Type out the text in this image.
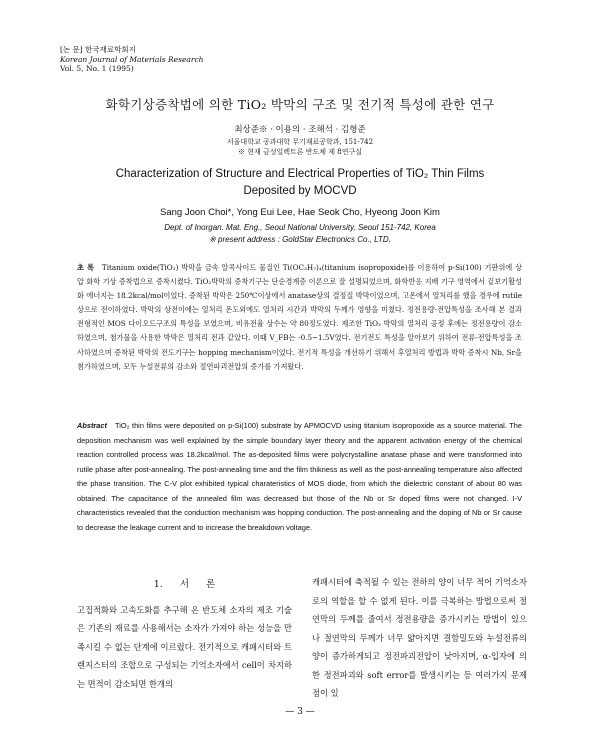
[논 문] 한국재료학회지
Korean Journal of Materials Research
Vol. 5, No. 1 (1995)
화학기상증착법에 의한 TiO₂ 박막의 구조 및 전기적 특성에 관한 연구
최상준※ · 이용의 · 조해석 · 김형준
서울대학교 공과대학 무기재료공학과, 151-742
※ 현재 금성일렉트론 반도체 제 8연구실
Characterization of Structure and Electrical Properties of TiO₂ Thin Films Deposited by MOCVD
Sang Joon Choi*, Yong Eui Lee, Hae Seok Cho, Hyeong Joon Kim
Dept. of Inorgan. Mat. Eng., Seoul National University, Seoul 151-742, Korea
※ present address : GoldStar Electronics Co., LTD.
초 록 Titanium oxide(TiO₂) 박막을 금속 알콕사이드 물질인 Ti(OC₃H₇)₄(titanium isopropoxide)를 이용하여 p-Si(100) 기판위에 상압 화학 기상 증착법으로 증착시켰다. TiO₂박막의 증착기구는 단순경계층 이론으로 잘 설명되었으며, 화학반응 지배 기구 영역에서 겉보기활성화 에너지는 18.2kcal/mol이었다. 증착된 박막은 250℃이상에서 anatase상의 결정질 박막이었으며, 고온에서 열처리를 했을 경우에 rutile상으로 전이하였다. 박막의 상전이에는 열처리 온도외에도 열처리 시간과 박막의 두께가 영향을 미쳤다. 정전용량-전압특성을 조사해 본 결과 전형적인 MOS 다이오드구조의 특성을 보였으며, 비유전율 상수는 약 80정도였다. 제조한 TiO₂ 박막의 열처리 공정 후에는 정전용량이 감소하였으며, 첨가물을 사용한 박막은 열처리 전과 같았다. 이때 V_FB는 -0.5~1.5V였다. 전기전도 특성을 알아보기 위하여 전류-전압특성을 조사하였으며 증착된 박막의 전도기구는 hopping mechanism이었다. 전기적 특성을 개선하기 위해서 후열처리 방법과 박막 증착시 Nb, Sr을 첨가하였으며, 모두 누설전류의 감소와 절연파괴전압의 증가를 가져왔다.
Abstract TiO₂ thin films were deposited on p-Si(100) substrate by APMOCVD using titanium isopropoxide as a source material. The deposition mechanism was well explained by the simple boundary layer theory and the apparent activation energy of the chemical reaction controlled process was 18.2kcal/mol. The as-deposited films were polycrystalline anatase phase and were transformed into rutile phase after post-annealing. The post-annealing time and the film thikness as well as the post-annealing temperature also affected the phase transition. The C-V plot exhibited typical charateristics of MOS diode, from which the dielectric constant of about 80 was obtained. The capacitance of the annealed film was decreased but those of the Nb or Sr doped films were not changed. I-V characteristics revealed that the conduction mechanism was hopping conduction. The post-annealing and the doping of Nb or Sr cause to decrease the leakage current and to increase the breakdown voltage.
1. 서 론
고집적화와 고속도화를 추구해 온 반도체 소자의 제조 기술은 기존의 재료를 사용해서는 소자가 가져야 하는 성능을 만족시킬 수 없는 단계에 이르렀다. 전기적으로 캐패시터와 트랜지스터의 조합으로 구성되는 기억소자에서 cell이 차지하는 면적이 감소되면 한개의
캐패시터에 축적될 수 있는 전하의 양이 너무 적어 기억소자로의 역할을 할 수 없게 된다. 이를 극복하는 방법으로써 절연막의 두께를 줄여서 정전용량을 증가시키는 방법이 있으나 절연막의 두께가 너무 얇아지면 결함밀도와 누설전류의 양이 증가하게되고 정전파괴전압이 낮아지며, α-입자에 의한 정전파괴와 soft error를 발생시키는 등 여러가지 문제점이 있
— 3 —
